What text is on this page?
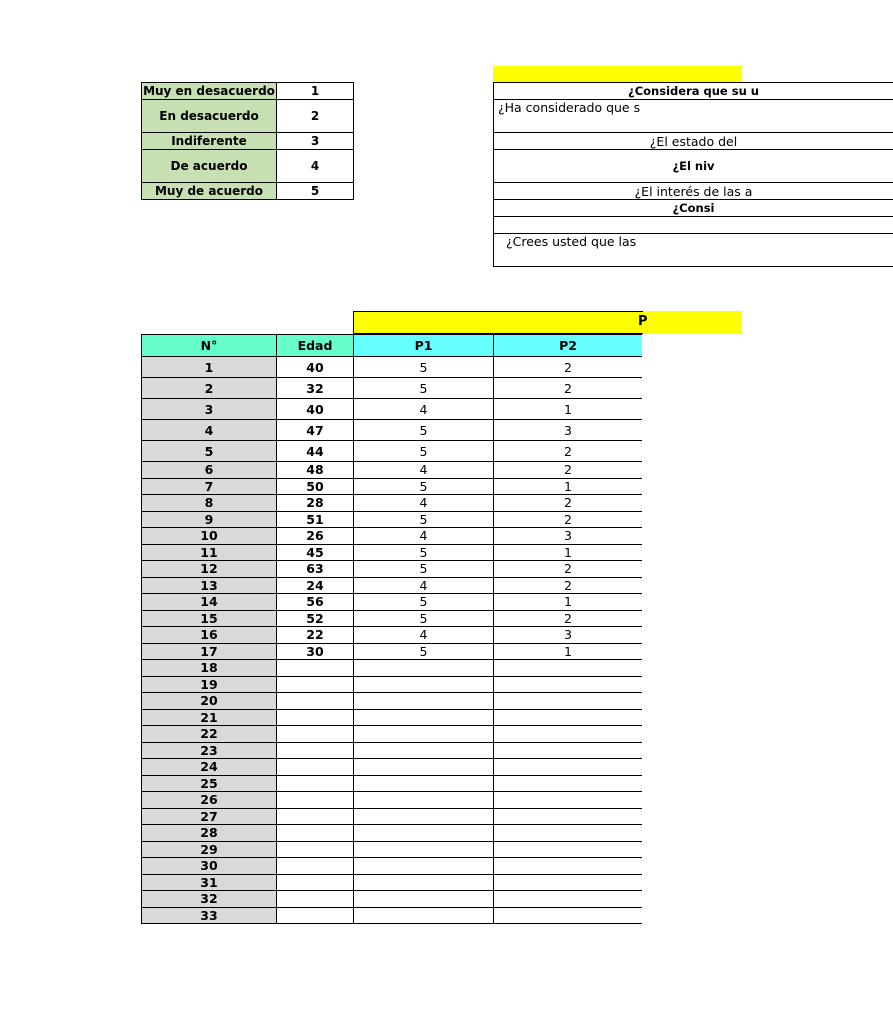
Muy en desacuerdo	1
En desacuerdo	2
Indiferente	3
De acuerdo	4
Muy de acuerdo	5
¿Considera que su u
¿Ha considerado que s
¿El estado del
¿El niv
¿El interés de las a
¿Consi

¿Crees usted que las
P
N°	Edad	P1	P2
1	40	5	2
2	32	5	2
3	40	4	1
4	47	5	3
5	44	5	2
6	48	4	2
7	50	5	1
8	28	4	2
9	51	5	2
10	26	4	3
11	45	5	1
12	63	5	2
13	24	4	2
14	56	5	1
15	52	5	2
16	22	4	3
17	30	5	1
18			
19			
20			
21			
22			
23			
24			
25			
26			
27			
28			
29			
30			
31			
32			
33			
